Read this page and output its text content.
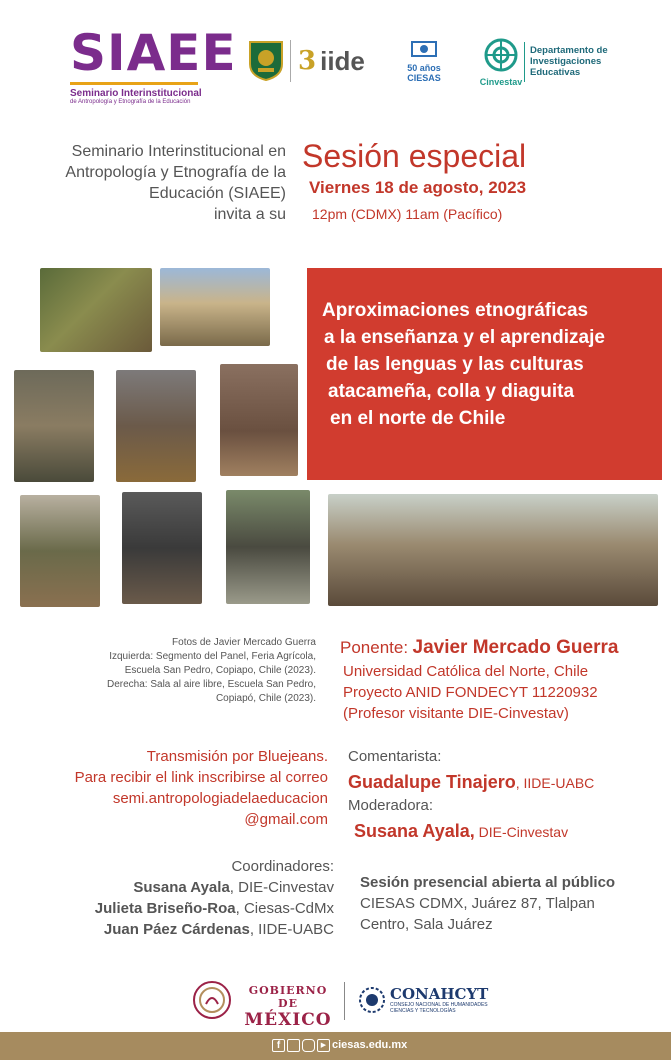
SIAEE
Seminario Interinstitucional
de Antropología y Etnografía de la Educación
3 iide	50 años
CIESAS	Cinvestav
Departamento de
Investigaciones
Educativas
Seminario Interinstitucional en
Antropología y Etnografía de la
Educación (SIAEE)
invita a su
Sesión especial
Viernes 18 de agosto, 2023
12pm (CDMX) 11am (Pacífico)
Aproximaciones etnográficas
a la enseñanza y el aprendizaje
de las lenguas y las culturas
atacameña, colla y diaguita
en el norte de Chile
Fotos de Javier Mercado Guerra
Izquierda: Segmento del Panel, Feria Agrícola,
Escuela San Pedro, Copiapo, Chile (2023).
Derecha: Sala al aire libre, Escuela San Pedro,
Copiapó, Chile (2023).
Ponente: Javier Mercado Guerra
Universidad Católica del Norte, Chile
Proyecto ANID FONDECYT 11220932
(Profesor visitante DIE-Cinvestav)
Transmisión por Bluejeans.
Para recibir el link inscribirse al correo
semi.antropologiadelaeducacion
@gmail.com
Comentarista:
Guadalupe Tinajero, IIDE-UABC
Moderadora:
Susana Ayala, DIE-Cinvestav
Coordinadores:
Susana Ayala, DIE-Cinvestav
Julieta Briseño-Roa, Ciesas-CdMx
Juan Páez Cárdenas, IIDE-UABC
Sesión presencial abierta al público
CIESAS CDMX, Juárez 87, Tlalpan
Centro, Sala Juárez
GOBIERNO DE
MÉXICO
CONAHCYT
CONSEJO NACIONAL DE HUMANIDADES
CIENCIAS Y TECNOLOGÍAS
f	▶ ciesas.edu.mx
